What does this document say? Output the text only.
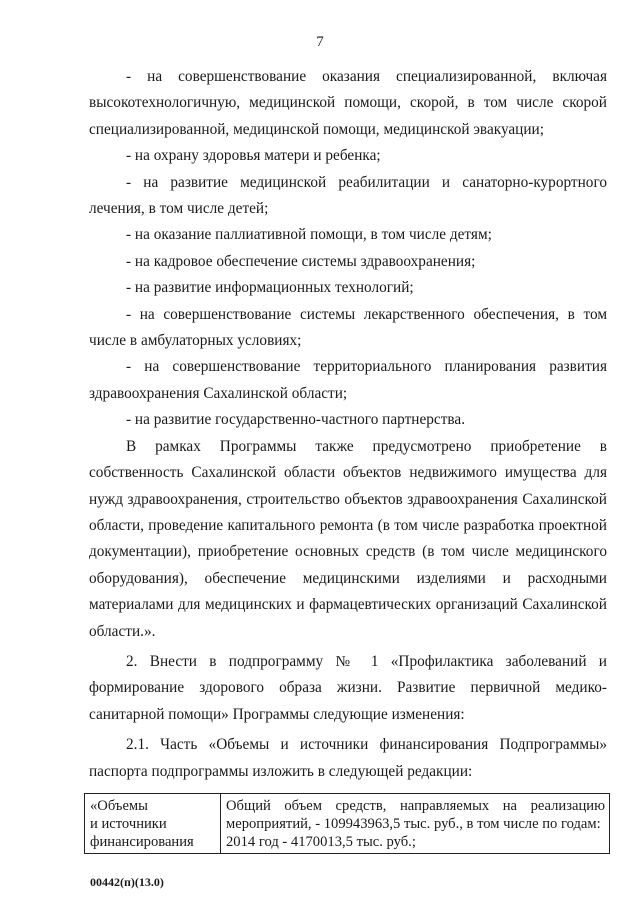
7

- на совершенствование оказания специализированной, включая высокотехнологичную, медицинской помощи, скорой, в том числе скорой специализированной, медицинской помощи, медицинской эвакуации;

- на охрану здоровья матери и ребенка;

- на развитие медицинской реабилитации и санаторно-курортного лечения, в том числе детей;

- на оказание паллиативной помощи, в том числе детям;

- на кадровое обеспечение системы здравоохранения;

- на развитие информационных технологий;

- на совершенствование системы лекарственного обеспечения, в том числе в амбулаторных условиях;

- на совершенствование территориального планирования развития здравоохранения Сахалинской области;

- на развитие государственно-частного партнерства.

В рамках Программы также предусмотрено приобретение в собственность Сахалинской области объектов недвижимого имущества для нужд здравоохранения, строительство объектов здравоохранения Сахалинской области, проведение капитального ремонта (в том числе разработка проектной документации), приобретение основных средств (в том числе медицинского оборудования), обеспечение медицинскими изделиями и расходными материалами для медицинских и фармацевтических организаций Сахалинской области.».

2. Внести в подпрограмму № 1 «Профилактика заболеваний и формирование здорового образа жизни. Развитие первичной медико-санитарной помощи» Программы следующие изменения:

2.1. Часть «Объемы и источники финансирования Подпрограммы» паспорта подпрограммы изложить в следующей редакции:

«Объемы
и источники
финансирования	Общий объем средств, направляемых на реализацию мероприятий, - 109943963,5 тыс. руб., в том числе по годам:
2014 год - 4170013,5 тыс. руб.;
00442(п)(13.0)
